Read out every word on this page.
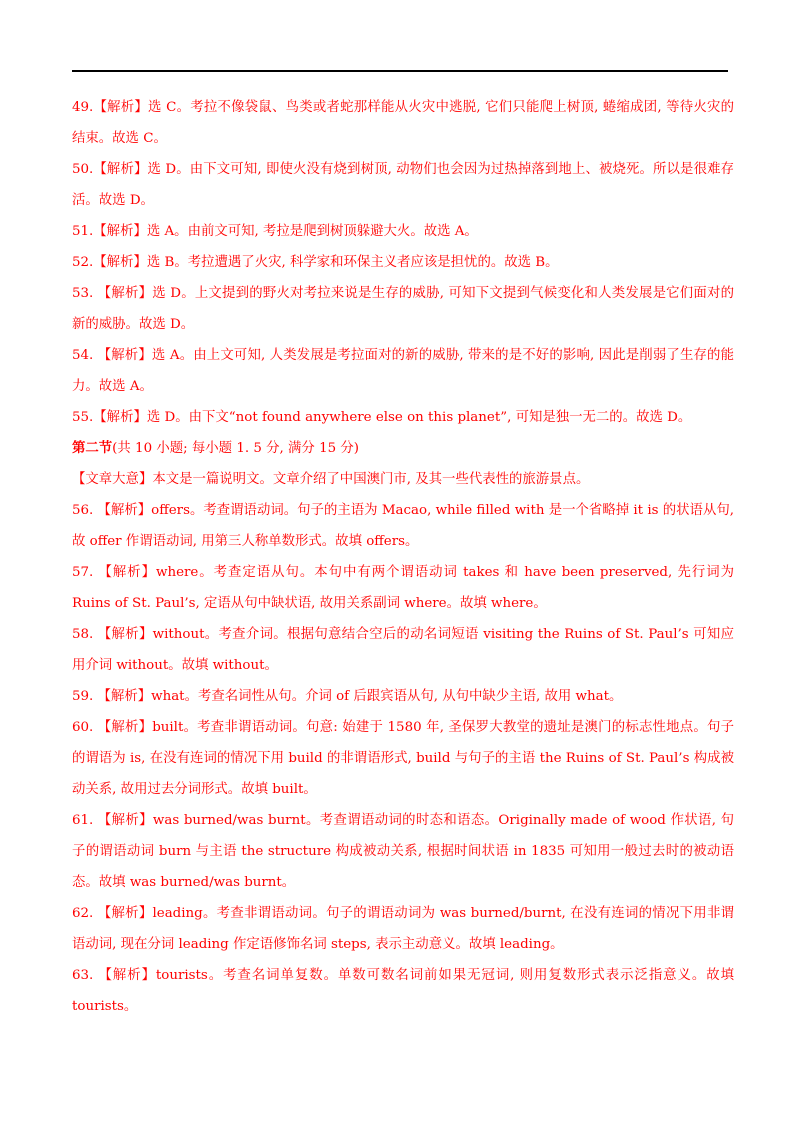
49.【解析】选 C。考拉不像袋鼠、鸟类或者蛇那样能从火灾中逃脱, 它们只能爬上树顶, 蜷缩成团, 等待火灾的结束。故选 C。

50.【解析】选 D。由下文可知, 即使火没有烧到树顶, 动物们也会因为过热掉落到地上、被烧死。所以是很难存活。故选 D。

51.【解析】选 A。由前文可知, 考拉是爬到树顶躲避大火。故选 A。

52.【解析】选 B。考拉遭遇了火灾, 科学家和环保主义者应该是担忧的。故选 B。

53. 【解析】选 D。上文提到的野火对考拉来说是生存的威胁, 可知下文提到气候变化和人类发展是它们面对的新的威胁。故选 D。

54. 【解析】选 A。由上文可知, 人类发展是考拉面对的新的威胁, 带来的是不好的影响, 因此是削弱了生存的能力。故选 A。

55.【解析】选 D。由下文“not found anywhere else on this planet”, 可知是独一无二的。故选 D。

第二节(共 10 小题; 每小题 1. 5 分, 满分 15 分)

【文章大意】本文是一篇说明文。文章介绍了中国澳门市, 及其一些代表性的旅游景点。

56. 【解析】offers。考查谓语动词。句子的主语为 Macao, while filled with 是一个省略掉 it is 的状语从句, 故 offer 作谓语动词, 用第三人称单数形式。故填 offers。

57. 【解析】where。考查定语从句。本句中有两个谓语动词 takes 和 have been preserved, 先行词为 Ruins of St. Paul’s, 定语从句中缺状语, 故用关系副词 where。故填 where。

58. 【解析】without。考查介词。根据句意结合空后的动名词短语 visiting the Ruins of St. Paul’s 可知应用介词 without。故填 without。

59. 【解析】what。考查名词性从句。介词 of 后跟宾语从句, 从句中缺少主语, 故用 what。

60. 【解析】built。考查非谓语动词。句意: 始建于 1580 年, 圣保罗大教堂的遗址是澳门的标志性地点。句子的谓语为 is, 在没有连词的情况下用 build 的非谓语形式, build 与句子的主语 the Ruins of St. Paul’s 构成被动关系, 故用过去分词形式。故填 built。

61. 【解析】was burned/was burnt。考查谓语动词的时态和语态。Originally made of wood 作状语, 句子的谓语动词 burn 与主语 the structure 构成被动关系, 根据时间状语 in 1835 可知用一般过去时的被动语态。故填 was burned/was burnt。

62. 【解析】leading。考查非谓语动词。句子的谓语动词为 was burned/burnt, 在没有连词的情况下用非谓语动词, 现在分词 leading 作定语修饰名词 steps, 表示主动意义。故填 leading。

63. 【解析】tourists。考查名词单复数。单数可数名词前如果无冠词, 则用复数形式表示泛指意义。故填 tourists。
